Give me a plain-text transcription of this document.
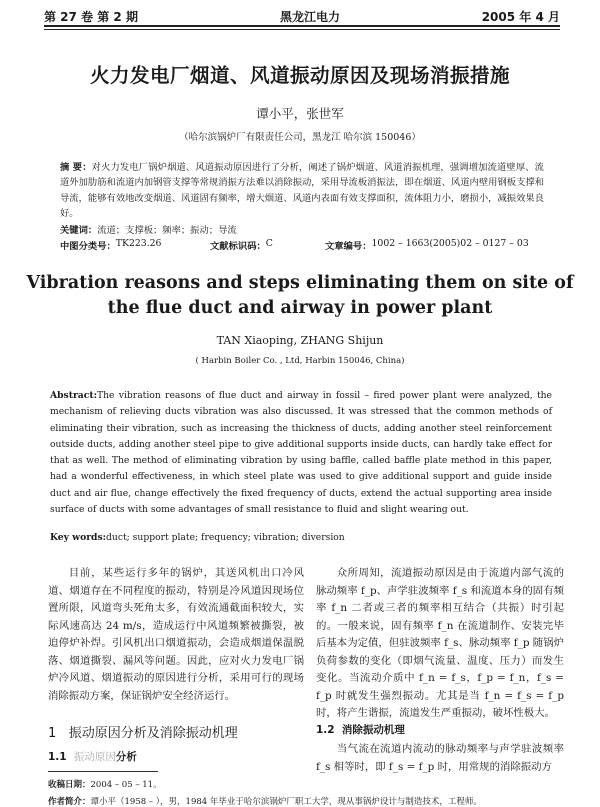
第 27 卷 第 2 期	黑龙江电力	2005 年 4 月
火力发电厂烟道、风道振动原因及现场消振措施
谭小平，张世军
（哈尔滨锅炉厂有限责任公司，黑龙江 哈尔滨 150046）
摘 要：对火力发电厂锅炉烟道、风道振动原因进行了分析，阐述了锅炉烟道、风道消振机理，强调增加流道壁厚、流道外加肋筋和流道内加钢管支撑等常规消振方法难以消除振动，采用导流板消振法，即在烟道、风道内壁用钢板支撑和导流，能够有效地改变烟道、风道固有频率，增大烟道、风道内表面有效支撑面积，流体阻力小，磨损小，减振效果良好。
关键词：流道；支撑板；频率；振动；导流
中图分类号： TK223.26	文献标识码： C	文章编号： 1002 – 1663(2005)02 – 0127 – 03
Vibration reasons and steps eliminating them on site of
the flue duct and airway in power plant
TAN Xiaoping, ZHANG Shijun
( Harbin Boiler Co. , Ltd, Harbin 150046, China)
Abstract:The vibration reasons of flue duct and airway in fossil – fired power plant were analyzed, the mechanism of relieving ducts vibration was also discussed. It was stressed that the common methods of eliminating their vibration, such as increasing the thickness of ducts, adding another steel reinforcement outside ducts, adding another steel pipe to give additional supports inside ducts, can hardly take effect for that as well. The method of eliminating vibration by using baffle, called baffle plate method in this paper, had a wonderful effectiveness, in which steel plate was used to give additional support and guide inside duct and air flue, change effectively the fixed frequency of ducts, extend the actual supporting area inside surface of ducts with some advantages of small resistance to fluid and slight wearing out.
Key words:duct; support plate; frequency; vibration; diversion

目前，某些运行多年的锅炉，其送风机出口冷风道、烟道存在不同程度的振动，特别是冷风道因现场位置所限，风道弯头死角太多，有效流通截面积较大，实际风速高达 24 m/s，造成运行中风道频繁被撕裂，被迫停炉补焊。引风机出口烟道振动，会造成烟道保温脱落、烟道撕裂、漏风等问题。因此，应对火力发电厂锅炉冷风道、烟道振动的原因进行分析，采用可行的现场消除振动方案，保证锅炉安全经济运行。

众所周知，流道振动原因是由于流道内部气流的脉动频率 f_p、声学驻波频率 f_s 和流道本身的固有频率 f_n 二者或三者的频率相互结合（共振）时引起的。一般来说，固有频率 f_n 在流道制作、安装完毕后基本为定值，但驻波频率 f_s、脉动频率 f_p 随锅炉负荷参数的变化（即烟气流量、温度、压力）而发生变化。当流动介质中 f_n = f_s，f_p = f_n，f_s = f_p 时就发生强烈振动。尤其是当 f_n = f_s = f_p 时，将产生谐振，流道发生严重振动，破坏性极大。

1 振动原因分析及消除振动机理
1.1 振动原因分析
1.2 消除振动机理
当气流在流道内流动的脉动频率与声学驻波频率 f_s 相等时，即 f_s = f_p 时，用常规的消除振动方
收稿日期：2004 – 05 – 11。
作者简介：谭小平（1958 – ），男，1984 年毕业于哈尔滨锅炉厂职工大学，现从事锅炉设计与制造技术，工程师。
